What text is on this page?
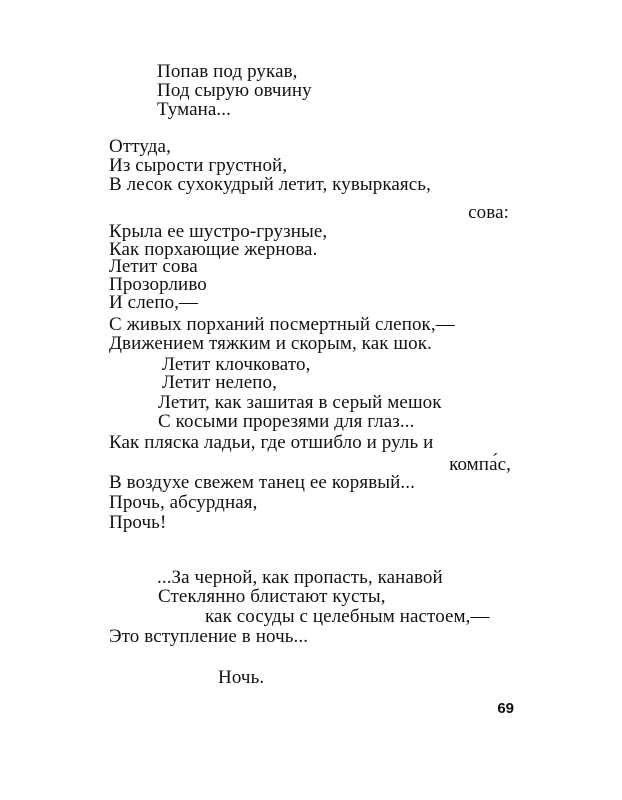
Попав под рукав,
Под сырую овчину
Тумана...
Оттуда,
Из сырости грустной,
В лесок сухокудрый летит, кувыркаясь,
сова:
Крыла ее шустро-грузные,
Как порхающие жернова.
Летит сова
Прозорливо
И слепо,—
С живых порханий посмертный слепок,—
Движением тяжким и скорым, как шок.
Летит клочковато,
Летит нелепо,
Летит, как зашитая в серый мешок
С косыми прорезями для глаз...
Как пляска ладьи, где отшибло и руль и
компа́с,
В воздухе свежем танец ее корявый...
Прочь, абсурдная,
Прочь!
...За черной, как пропасть, канавой
Стеклянно блистают кусты,
как сосуды с целебным настоем,—
Это вступление в ночь...
Ночь.
69
